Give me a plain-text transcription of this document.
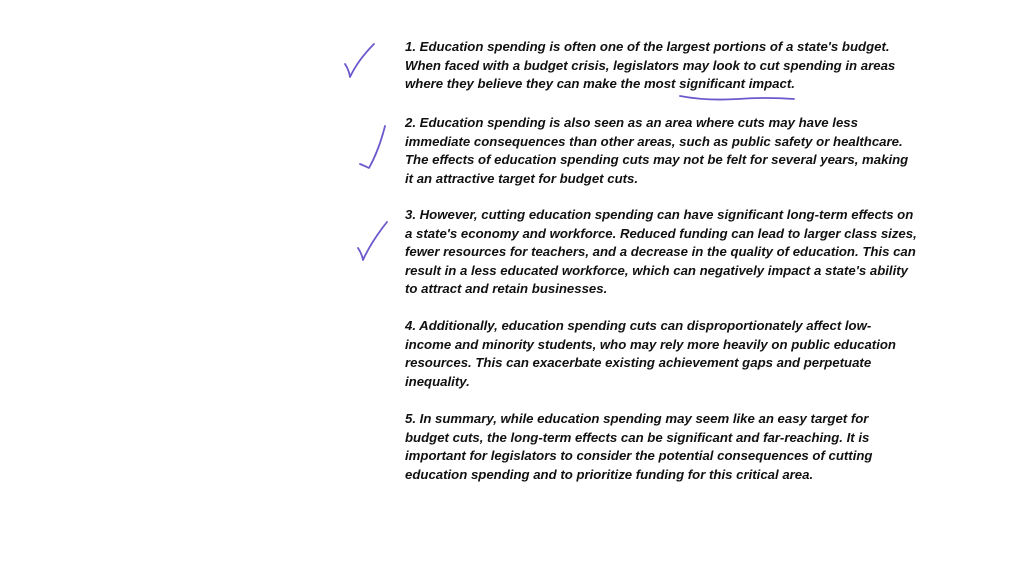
1. Education spending is often one of the largest portions of a state's budget.
When faced with a budget crisis, legislators may look to cut spending in areas
where they believe they can make the most significant impact.

2. Education spending is also seen as an area where cuts may have less
immediate consequences than other areas, such as public safety or healthcare.
The effects of education spending cuts may not be felt for several years, making
it an attractive target for budget cuts.

3. However, cutting education spending can have significant long-term effects on
a state's economy and workforce. Reduced funding can lead to larger class sizes,
fewer resources for teachers, and a decrease in the quality of education. This can
result in a less educated workforce, which can negatively impact a state's ability
to attract and retain businesses.

4. Additionally, education spending cuts can disproportionately affect low-
income and minority students, who may rely more heavily on public education
resources. This can exacerbate existing achievement gaps and perpetuate
inequality.

5. In summary, while education spending may seem like an easy target for
budget cuts, the long-term effects can be significant and far-reaching. It is
important for legislators to consider the potential consequences of cutting
education spending and to prioritize funding for this critical area.
